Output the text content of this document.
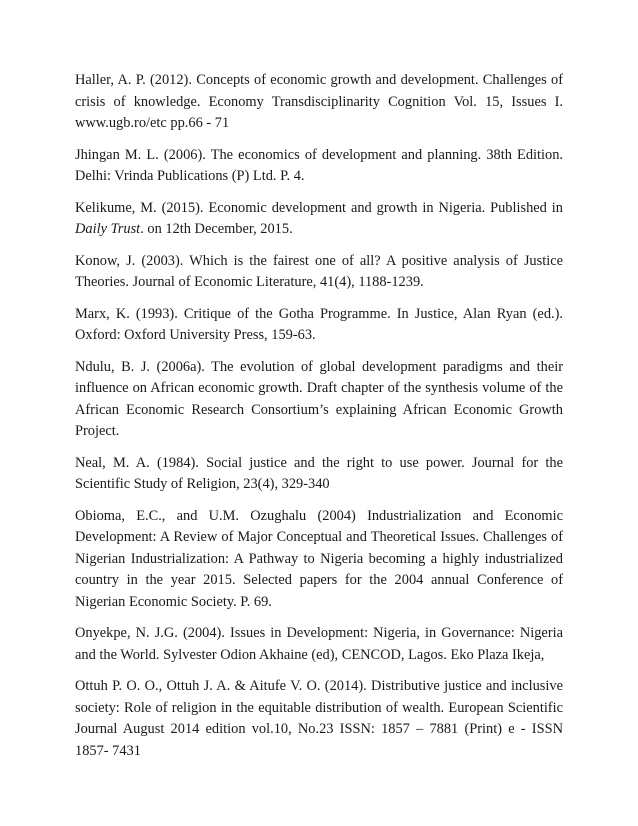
Haller, A. P. (2012). Concepts of economic growth and development. Challenges of crisis of knowledge. Economy Transdisciplinarity Cognition Vol. 15, Issues I. www.ugb.ro/etc pp.66 - 71

Jhingan M. L. (2006). The economics of development and planning. 38th Edition. Delhi: Vrinda Publications (P) Ltd. P. 4.

Kelikume, M. (2015). Economic development and growth in Nigeria. Published in Daily Trust. on 12th December, 2015.

Konow, J. (2003). Which is the fairest one of all? A positive analysis of Justice Theories. Journal of Economic Literature, 41(4), 1188-1239.

Marx, K. (1993). Critique of the Gotha Programme. In Justice, Alan Ryan (ed.). Oxford: Oxford University Press, 159-63.

Ndulu, B. J. (2006a). The evolution of global development paradigms and their influence on African economic growth. Draft chapter of the synthesis volume of the African Economic Research Consortium’s explaining African Economic Growth Project.

Neal, M. A. (1984). Social justice and the right to use power. Journal for the Scientific Study of Religion, 23(4), 329-340

Obioma, E.C., and U.M. Ozughalu (2004) Industrialization and Economic Development: A Review of Major Conceptual and Theoretical Issues. Challenges of Nigerian Industrialization: A Pathway to Nigeria becoming a highly industrialized country in the year 2015. Selected papers for the 2004 annual Conference of Nigerian Economic Society. P. 69.

Onyekpe, N. J.G. (2004). Issues in Development: Nigeria, in Governance: Nigeria and the World. Sylvester Odion Akhaine (ed), CENCOD, Lagos. Eko Plaza Ikeja,

Ottuh P. O. O., Ottuh J. A. & Aitufe V. O. (2014). Distributive justice and inclusive society: Role of religion in the equitable distribution of wealth. European Scientific Journal August 2014 edition vol.10, No.23 ISSN: 1857 – 7881 (Print) e - ISSN 1857- 7431
